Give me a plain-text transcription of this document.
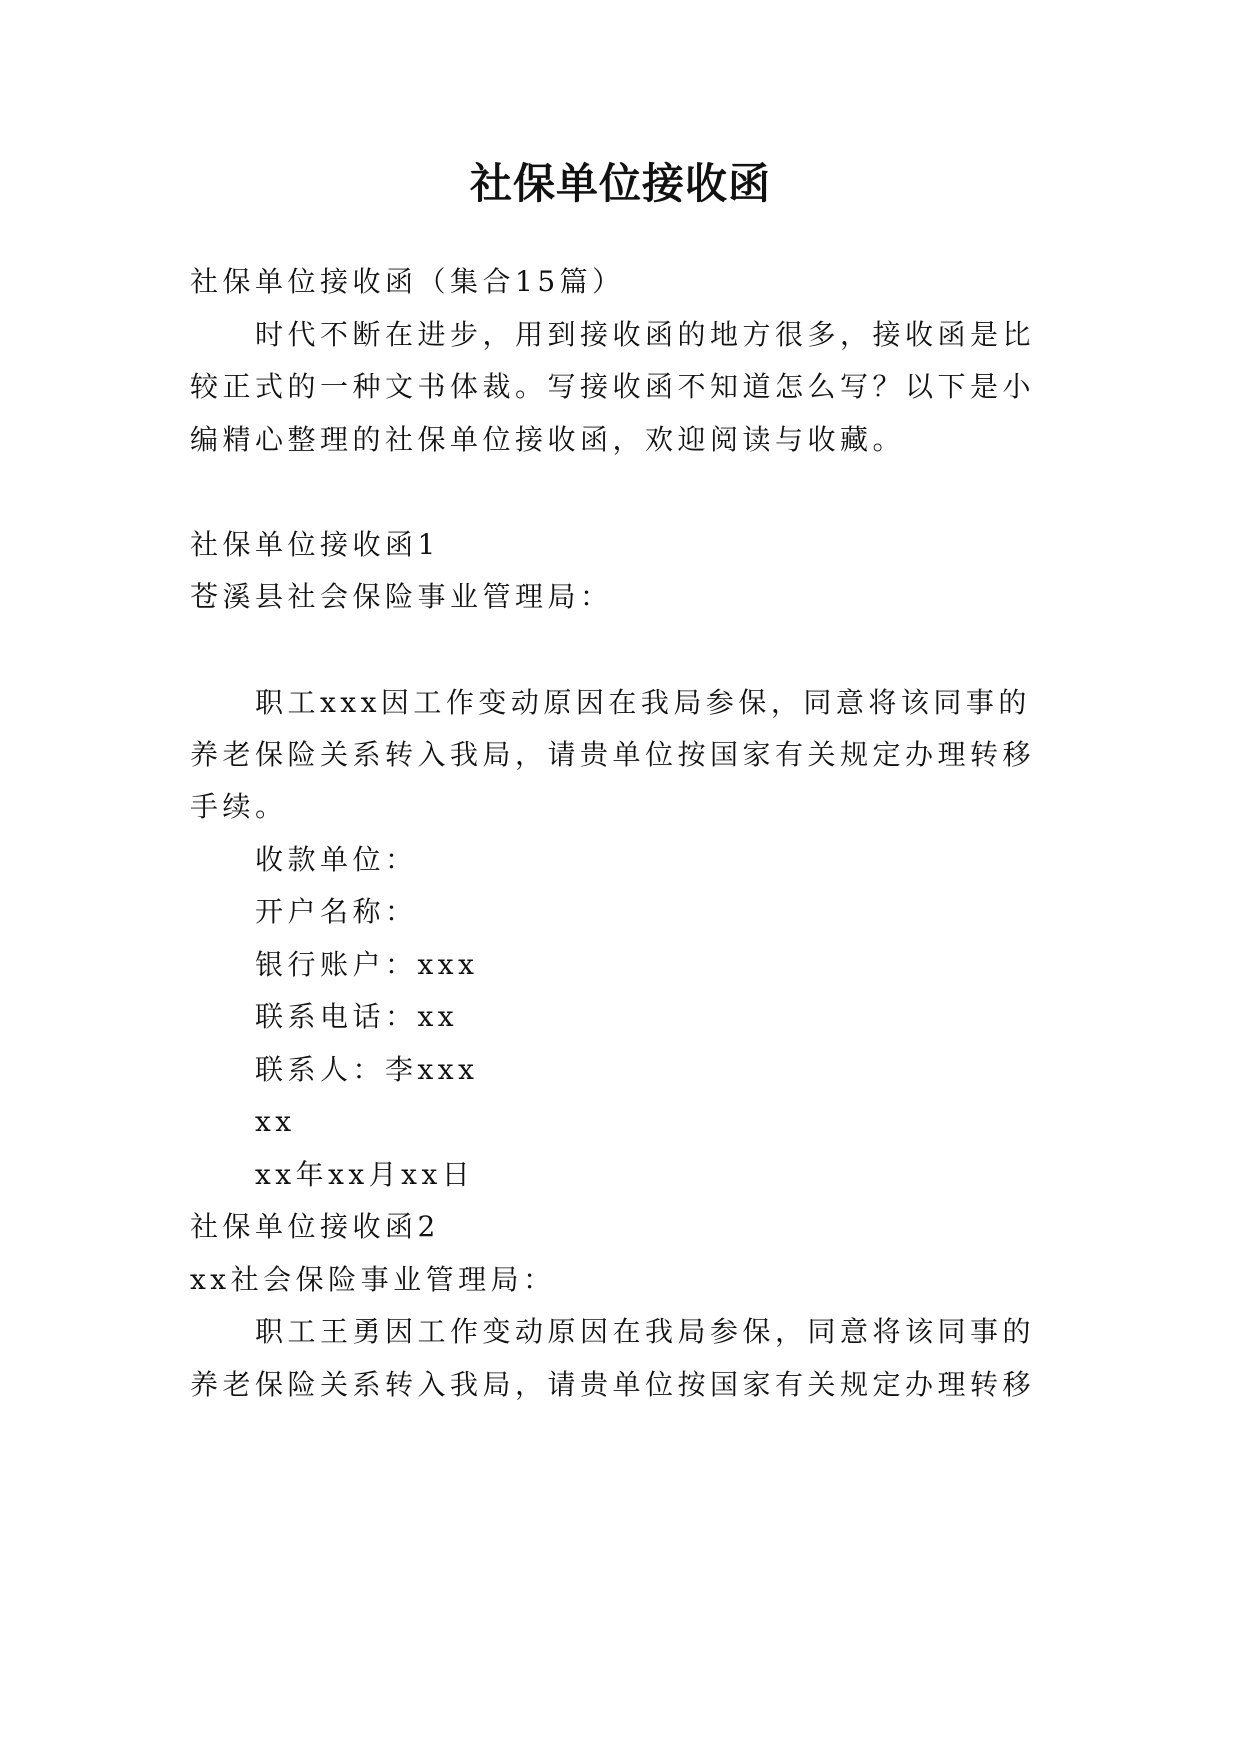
社保单位接收函
社保单位接收函（集合15篇）
时代不断在进步，用到接收函的地方很多，接收函是比
较正式的一种文书体裁。写接收函不知道怎么写？以下是小
编精心整理的社保单位接收函，欢迎阅读与收藏。
社保单位接收函1
苍溪县社会保险事业管理局：
职工xxx因工作变动原因在我局参保，同意将该同事的
养老保险关系转入我局，请贵单位按国家有关规定办理转移
手续。
收款单位：
开户名称：
银行账户：xxx
联系电话：xx
联系人：李xxx
xx
xx年xx月xx日
社保单位接收函2
xx社会保险事业管理局：
职工王勇因工作变动原因在我局参保，同意将该同事的
养老保险关系转入我局，请贵单位按国家有关规定办理转移
